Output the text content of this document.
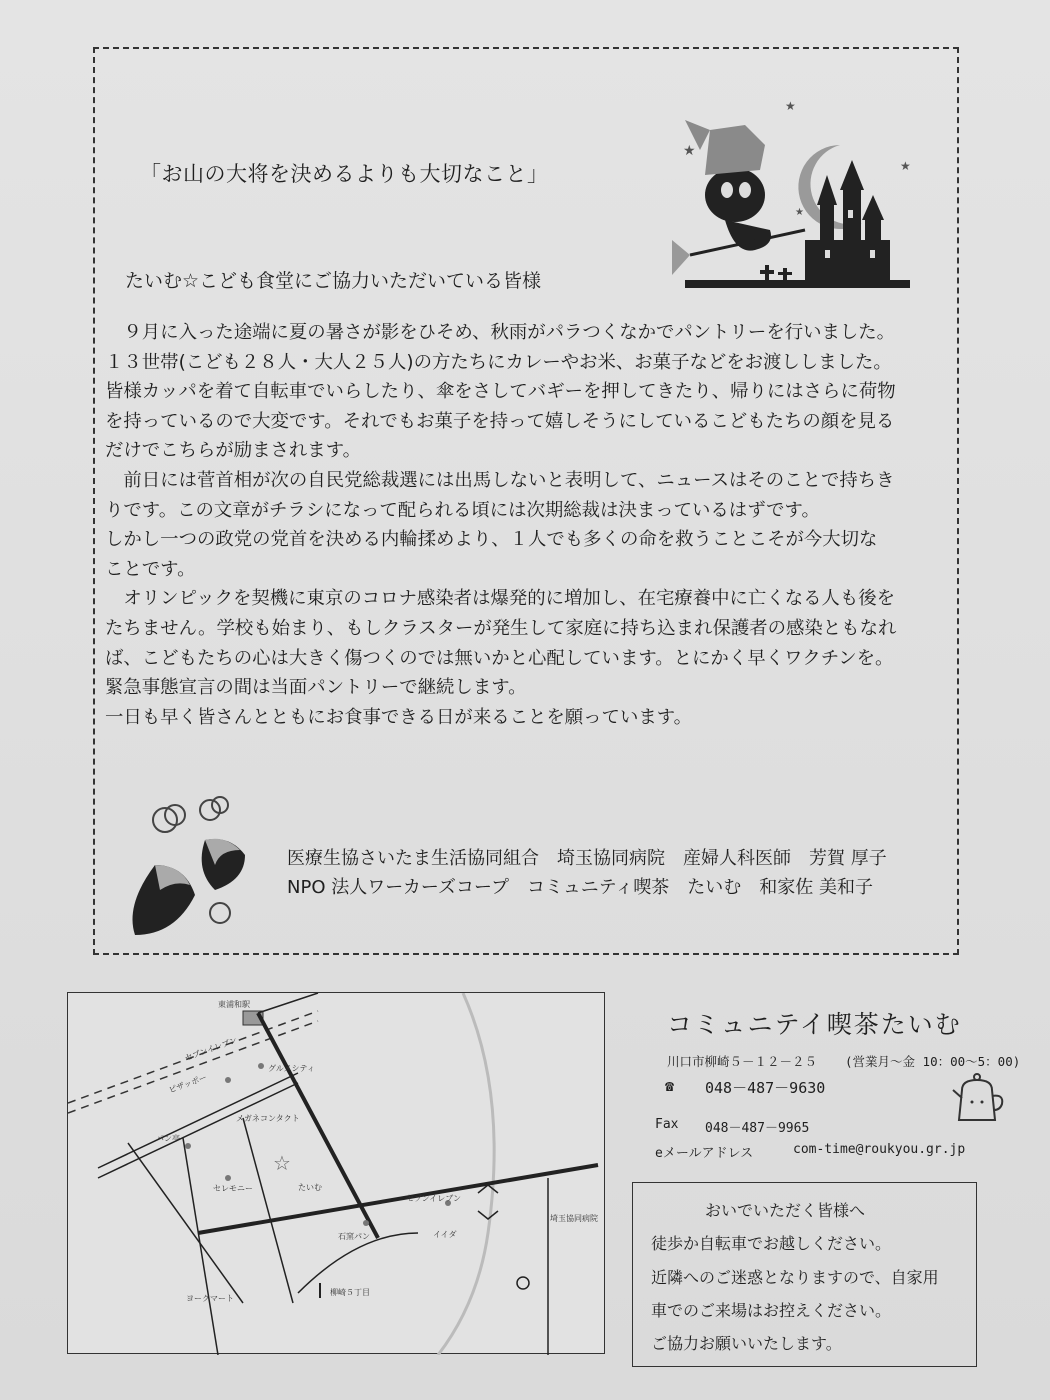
★
★
★
★
「お山の大将を決めるよりも大切なこと」
たいむ☆こども食堂にご協力いただいている皆様

　９月に入った途端に夏の暑さが影をひそめ、秋雨がパラつくなかでパントリーを行いました。

１３世帯(こども２８人・大人２５人)の方たちにカレーやお米、お菓子などをお渡ししました。

皆様カッパを着て自転車でいらしたり、傘をさしてバギーを押してきたり、帰りにはさらに荷物

を持っているので大変です。それでもお菓子を持って嬉しそうにしているこどもたちの顔を見る

だけでこちらが励まされます。

　前日には菅首相が次の自民党総裁選には出馬しないと表明して、ニュースはそのことで持ちき

りです。この文章がチラシになって配られる頃には次期総裁は決まっているはずです。

しかし一つの政党の党首を決める内輪揉めより、１人でも多くの命を救うことこそが今大切な

ことです。

　オリンピックを契機に東京のコロナ感染者は爆発的に増加し、在宅療養中に亡くなる人も後を

たちません。学校も始まり、もしクラスターが発生して家庭に持ち込まれ保護者の感染ともなれ

ば、こどもたちの心は大きく傷つくのでは無いかと心配しています。とにかく早くワクチンを。

緊急事態宣言の間は当面パントリーで継続します。

一日も早く皆さんとともにお食事できる日が来ることを願っています。

医療生協さいたま生活協同組合　埼玉協同病院　産婦人科医師　芳賀 厚子

NPO 法人ワーカーズコープ　コミュニティ喫茶　たいむ　和家佐 美和子

☆
東浦和駅
セブンイレブン
ピザッポー
グルメシティ
メガネコンタクト
パン亭
セレモニー	たいむ
セブンイレブン
埼玉協同病院
石窯パン	イイダ
ヨークマート
柳崎５丁目
コミュニテイ喫茶たいむ
川口市柳崎５－１２－２５ (営業月～金 10：00～5：00)
☎ 048－487－9630
Fax 048－487－9965
eメールアドレス	com-time@roukyou.gr.jp

おいでいただく皆様へ

徒歩か自転車でお越しください。

近隣へのご迷惑となりますので、自家用

車でのご来場はお控えください。

ご協力お願いいたします。
